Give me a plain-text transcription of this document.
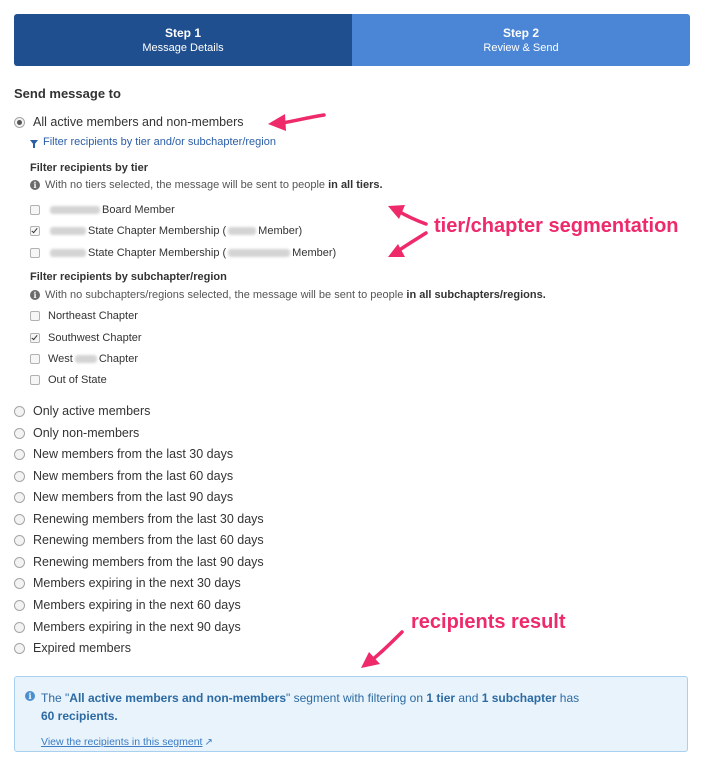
Step 1
Message Details
Step 2
Review & Send
Send message to
All active members and non-members
Filter recipients by tier and/or subchapter/region
Filter recipients by tier
i With no tiers selected, the message will be sent to people
in all tiers.
Board Member
State Chapter Membership (	Member)
State Chapter Membership (	Member)
Filter recipients by subchapter/region
i With no subchapters/regions selected, the message will be sent to people
in all subchapters/regions.
Northeast Chapter
Southwest Chapter
West Chapter
Out of State
Only active members
Only non-members
New members from the last 30 days
New members from the last 60 days
New members from the last 90 days
Renewing members from the last 30 days
Renewing members from the last 60 days
Renewing members from the last 90 days
Members expiring in the next 30 days
Members expiring in the next 60 days
Members expiring in the next 90 days
Expired members
tier/chapter segmentation
recipients result
i The "All active members and non-members" segment with filtering on 1 tier and 1 subchapter has
60 recipients.
View the recipients in this segment ↗
